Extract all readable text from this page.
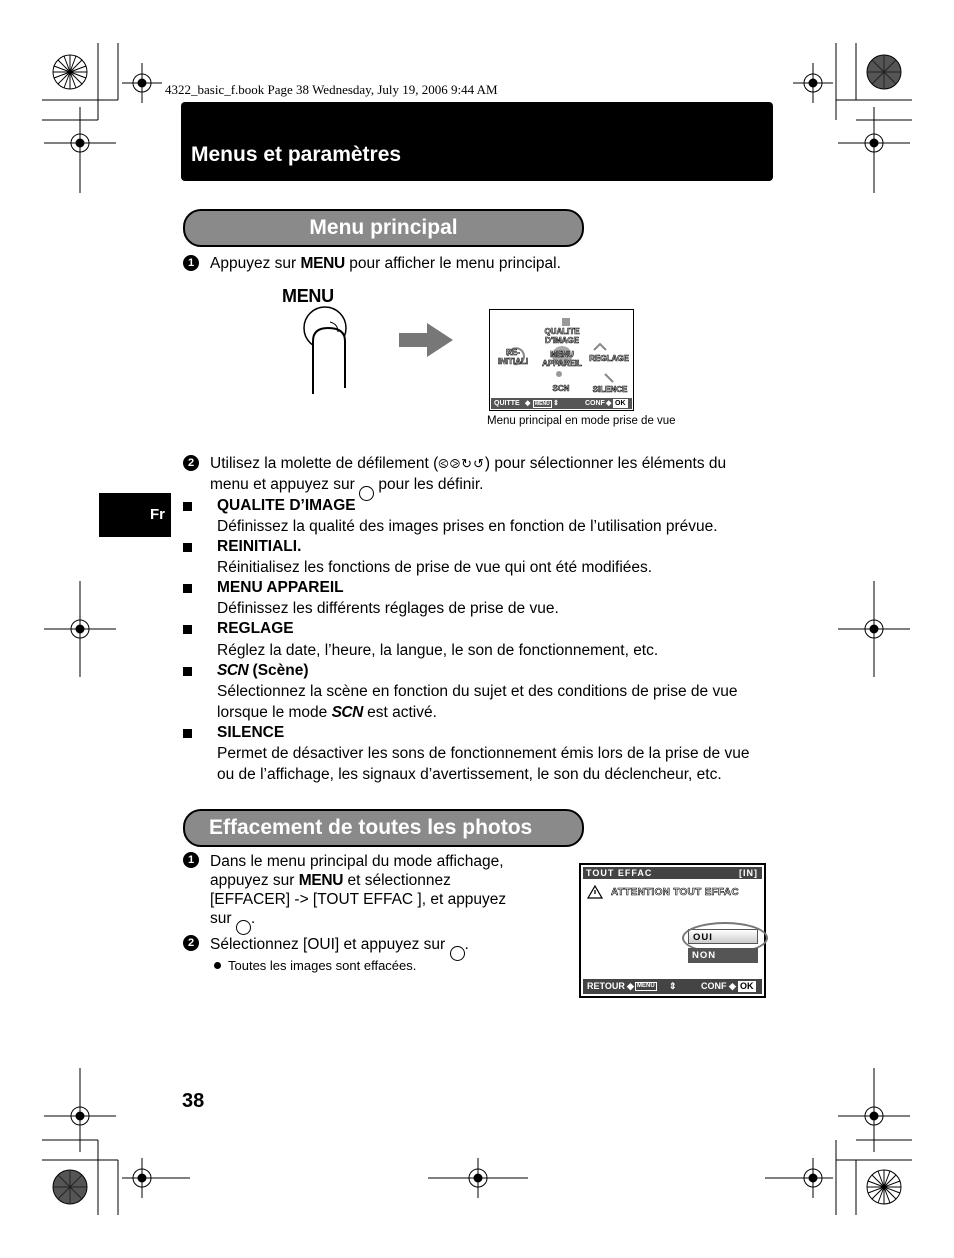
4322_basic_f.book Page 38 Wednesday, July 19, 2006 9:44 AM
Menus et paramètres
Fr
Menu principal
1	Appuyez sur MENU pour afficher le menu principal.
MENU
QUALITE D'IMAGE
RE- INITIALI
MENU APPAREIL
REGLAGE
SCN	SILENCE
QUITTE ◆ MENU ⇕	CONF ◆ OK
Menu principal en mode prise de vue
2	Utilisez la molette de défilement (⧀⧁↻↺) pour sélectionner les éléments du
menu et appuyez sur
pour les définir.
QUALITE D’IMAGE
Définissez la qualité des images prises en fonction de l’utilisation prévue.
REINITIALI.
Réinitialisez les fonctions de prise de vue qui ont été modifiées.
MENU APPAREIL
Définissez les différents réglages de prise de vue.
REGLAGE
Réglez la date, l’heure, la langue, le son de fonctionnement, etc.
SCN (Scène)
Sélectionnez la scène en fonction du sujet et des conditions de prise de vue
lorsque le mode SCN est activé.
SILENCE
Permet de désactiver les sons de fonctionnement émis lors de la prise de vue
ou de l’affichage, les signaux d’avertissement, le son du déclencheur, etc.
Effacement de toutes les photos
1	Dans le menu principal du mode affichage,
appuyez sur MENU et sélectionnez
[EFFACER] -> [TOUT EFFAC ], et appuyez
sur
.
2	Sélectionnez [OUI] et appuyez sur
.
Toutes les images sont effacées.
TOUT EFFAC	[IN]
ATTENTION TOUT EFFAC
OUI
NON
RETOUR ◆ MENU ⇕	CONF ◆ OK
38
